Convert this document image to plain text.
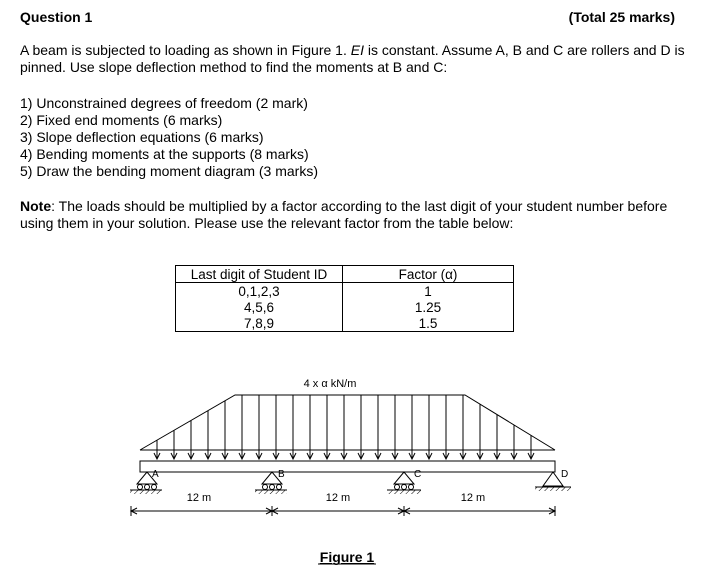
Question 1	(Total 25 marks)
A beam is subjected to loading as shown in Figure 1. EI is constant. Assume A, B and C are rollers and D is pinned. Use slope deflection method to find the moments at B and C:
1) Unconstrained degrees of freedom (2 mark)
2) Fixed end moments (6 marks)
3) Slope deflection equations (6 marks)
4) Bending moments at the supports (8 marks)
5) Draw the bending moment diagram (3 marks)
Note: The loads should be multiplied by a factor according to the last digit of your student number before using them in your solution. Please use the relevant factor from the table below:
Last digit of Student ID	Factor (α)
0,1,2,3	1
4,5,6	1.25
7,8,9	1.5
4 x α kN/m
A	B	C	D
12 m	12 m	12 m
Figure 1
